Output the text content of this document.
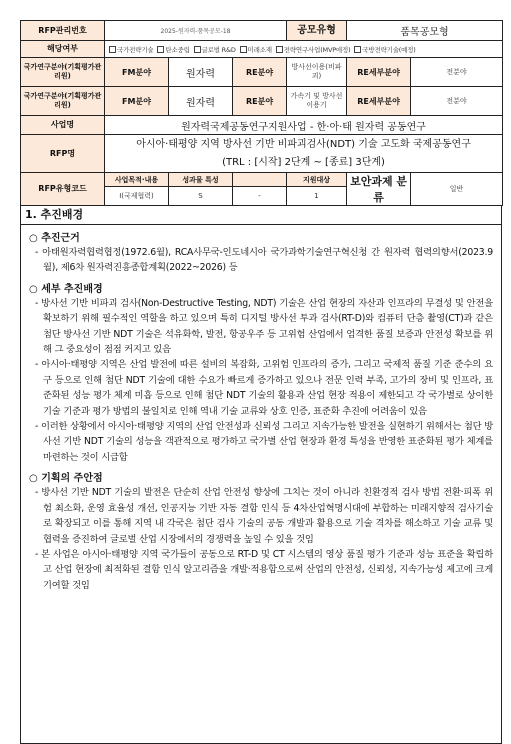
RFP관리번호	2025-원자력-품목공모-18			공모유형	품목공모형	
해당여부	국가전략기술 탄소중립 글로벌 R&D 미래소재 전략연구사업(MVP에정) 국방전략기술(예정)					
국가연구분야(기획평가관리원)	FM분야	원자력	RE분야	방사선이용(비파괴)	RE세부분야	전분야
국가연구분야(기획평가관리원)	FM분야	원자력	RE분야	가속기 및 방사선 이용기	RE세부분야	전분야
사업명	원자력국제공동연구지원사업 - 한·아·태 원자력 공동연구					
RFP명	아시아·태평양 지역 방사선 기반 비파괴검사(NDT) 기술 고도화 국제공동연구
(TRL : [시작] 2단계 ~ [종료] 3단계)					

RFP유형코드	사업목적·내용	성과물 특성		지원대상	보안과제 분류	일반
	I(국제협력)	S	-	1		
1. 추진배경
○ 추진근거
- 아태원자력협력협정(1972.6월), RCA사무국-인도네시아 국가과학기술연구혁신청 간 원자력 협력의향서(2023.9월), 제6차 원자력진흥종합계획(2022~2026) 등
○ 세부 추진배경
- 방사선 기반 비파괴 검사(Non-Destructive Testing, NDT) 기술은 산업 현장의 자산과 인프라의 무결성 및 안전을 확보하기 위해 필수적인 역할을 하고 있으며 특히 디지털 방사선 투과 검사(RT-D)와 컴퓨터 단층 촬영(CT)과 같은 첨단 방사선 기반 NDT 기술은 석유화학, 발전, 항공우주 등 고위험 산업에서 엄격한 품질 보증과 안전성 확보를 위해 그 중요성이 점점 커지고 있음
- 아시아·태평양 지역은 산업 발전에 따른 설비의 복잡화, 고위험 인프라의 증가, 그리고 국제적 품질 기준 준수의 요구 등으로 인해 첨단 NDT 기술에 대한 수요가 빠르게 증가하고 있으나 전문 인력 부족, 고가의 장비 및 인프라, 표준화된 성능 평가 체계 미흡 등으로 인해 첨단 NDT 기술의 활용과 산업 현장 적용이 제한되고 각 국가별로 상이한 기술 기준과 평가 방법의 불일치로 인해 역내 기술 교류와 상호 인증, 표준화 추진에 어려움이 있음
- 이러한 상황에서 아시아·태평양 지역의 산업 안전성과 신뢰성 그리고 지속가능한 발전을 실현하기 위해서는 첨단 방사선 기반 NDT 기술의 성능을 객관적으로 평가하고 국가별 산업 현장과 환경 특성을 반영한 표준화된 평가 체계를 마련하는 것이 시급함
○ 기획의 주안점
- 방사선 기반 NDT 기술의 발전은 단순히 산업 안전성 향상에 그치는 것이 아니라 친환경적 검사 방법 전환·피폭 위험 최소화, 운영 효율성 개선, 인공지능 기반 자동 결함 인식 등 4차산업혁명시대에 부합하는 미래지향적 검사기술로 확장되고 이를 통해 지역 내 각국은 첨단 검사 기술의 공동 개발과 활용으로 기술 격차를 해소하고 기술 교류 및 협력을 증진하여 글로벌 산업 시장에서의 경쟁력을 높일 수 있을 것임
- 본 사업은 아시아·태평양 지역 국가들이 공동으로 RT-D 및 CT 시스템의 영상 품질 평가 기준과 성능 표준을 확립하고 산업 현장에 최적화된 결함 인식 알고리즘을 개발·적용함으로써 산업의 안전성, 신뢰성, 지속가능성 제고에 크게 기여할 것임
